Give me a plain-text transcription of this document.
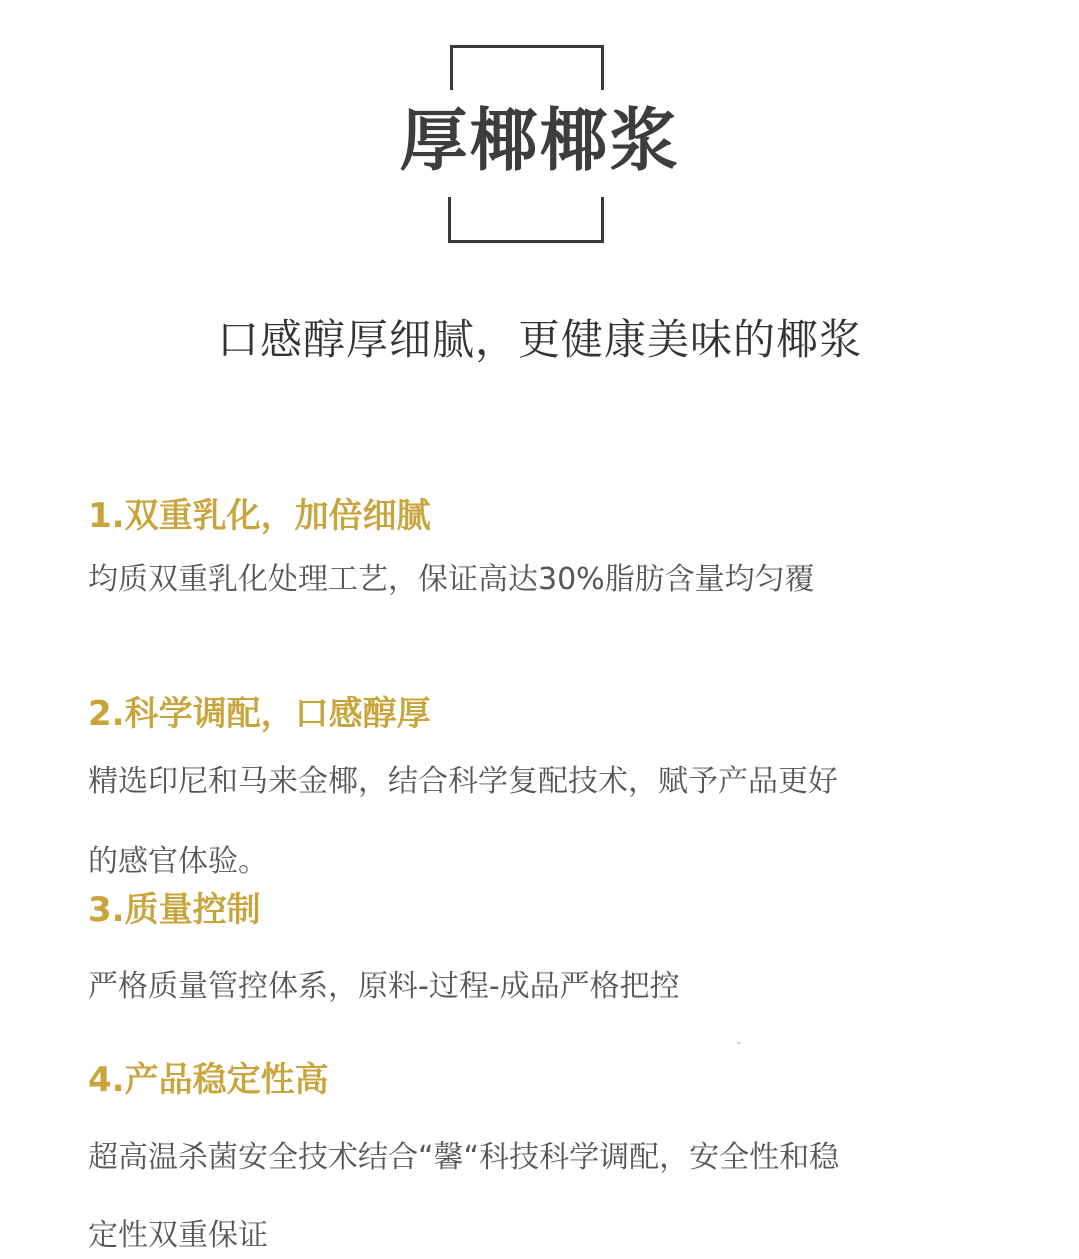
厚椰椰浆
口感醇厚细腻，更健康美味的椰浆
1.双重乳化，加倍细腻
均质双重乳化处理工艺，保证高达30%脂肪含量均匀覆
2.科学调配，口感醇厚
精选印尼和马来金椰，结合科学复配技术，赋予产品更好
的感官体验。
3.质量控制
严格质量管控体系，原料-过程-成品严格把控
4.产品稳定性高
超高温杀菌安全技术结合“馨“科技科学调配，安全性和稳
定性双重保证
